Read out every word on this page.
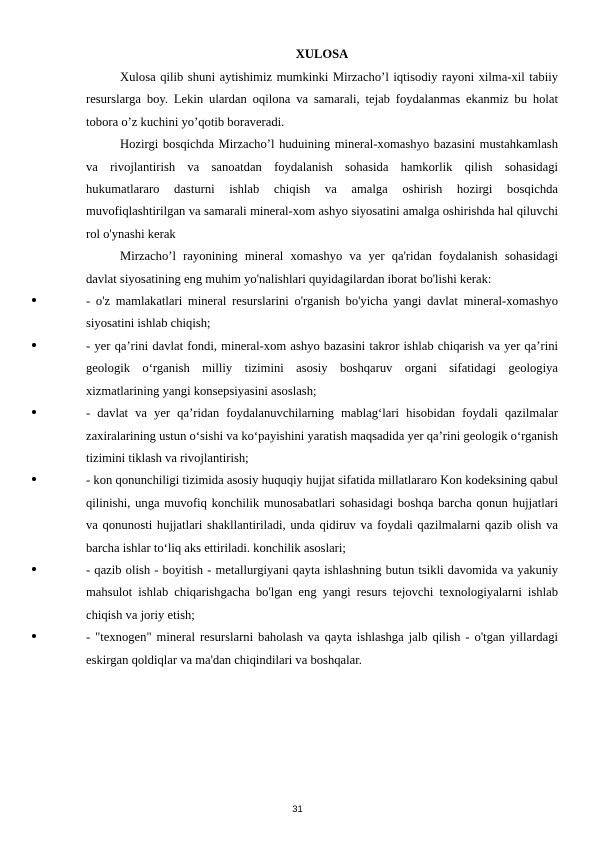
XULOSA

Xulosa qilib shuni aytishimiz mumkinki Mirzacho’l iqtisodiy rayoni xilma-xil tabiiy resurslarga boy. Lekin ulardan oqilona va samarali, tejab foydalanmas ekanmiz bu holat tobora o’z kuchini yo’qotib boraveradi.

Hozirgi bosqichda Mirzacho’l huduining mineral-xomashyo bazasini mustahkamlash va rivojlantirish va sanoatdan foydalanish sohasida hamkorlik qilish sohasidagi hukumatlararo dasturni ishlab chiqish va amalga oshirish hozirgi bosqichda muvofiqlashtirilgan va samarali mineral-xom ashyo siyosatini amalga oshirishda hal qiluvchi rol o'ynashi kerak

Mirzacho’l rayonining mineral xomashyo va yer qa'ridan foydalanish sohasidagi davlat siyosatining eng muhim yo'nalishlari quyidagilardan iborat bo'lishi kerak:

- o'z mamlakatlari mineral resurslarini o'rganish bo'yicha yangi davlat mineral-xomashyo siyosatini ishlab chiqish;
- yer qaʼrini davlat fondi, mineral-xom ashyo bazasini takror ishlab chiqarish va yer qaʼrini geologik oʻrganish milliy tizimini asosiy boshqaruv organi sifatidagi geologiya xizmatlarining yangi konsepsiyasini asoslash;
- davlat va yer qaʼridan foydalanuvchilarning mablagʻlari hisobidan foydali qazilmalar zaxiralarining ustun oʻsishi va koʻpayishini yaratish maqsadida yer qaʼrini geologik oʻrganish tizimini tiklash va rivojlantirish;
- kon qonunchiligi tizimida asosiy huquqiy hujjat sifatida millatlararo Kon kodeksining qabul qilinishi, unga muvofiq konchilik munosabatlari sohasidagi boshqa barcha qonun hujjatlari va qonunosti hujjatlari shakllantiriladi, unda qidiruv va foydali qazilmalarni qazib olish va barcha ishlar to‘liq aks ettiriladi. konchilik asoslari;
- qazib olish - boyitish - metallurgiyani qayta ishlashning butun tsikli davomida va yakuniy mahsulot ishlab chiqarishgacha bo'lgan eng yangi resurs tejovchi texnologiyalarni ishlab chiqish va joriy etish;
- "texnogen" mineral resurslarni baholash va qayta ishlashga jalb qilish - o'tgan yillardagi eskirgan qoldiqlar va ma'dan chiqindilari va boshqalar.
31
